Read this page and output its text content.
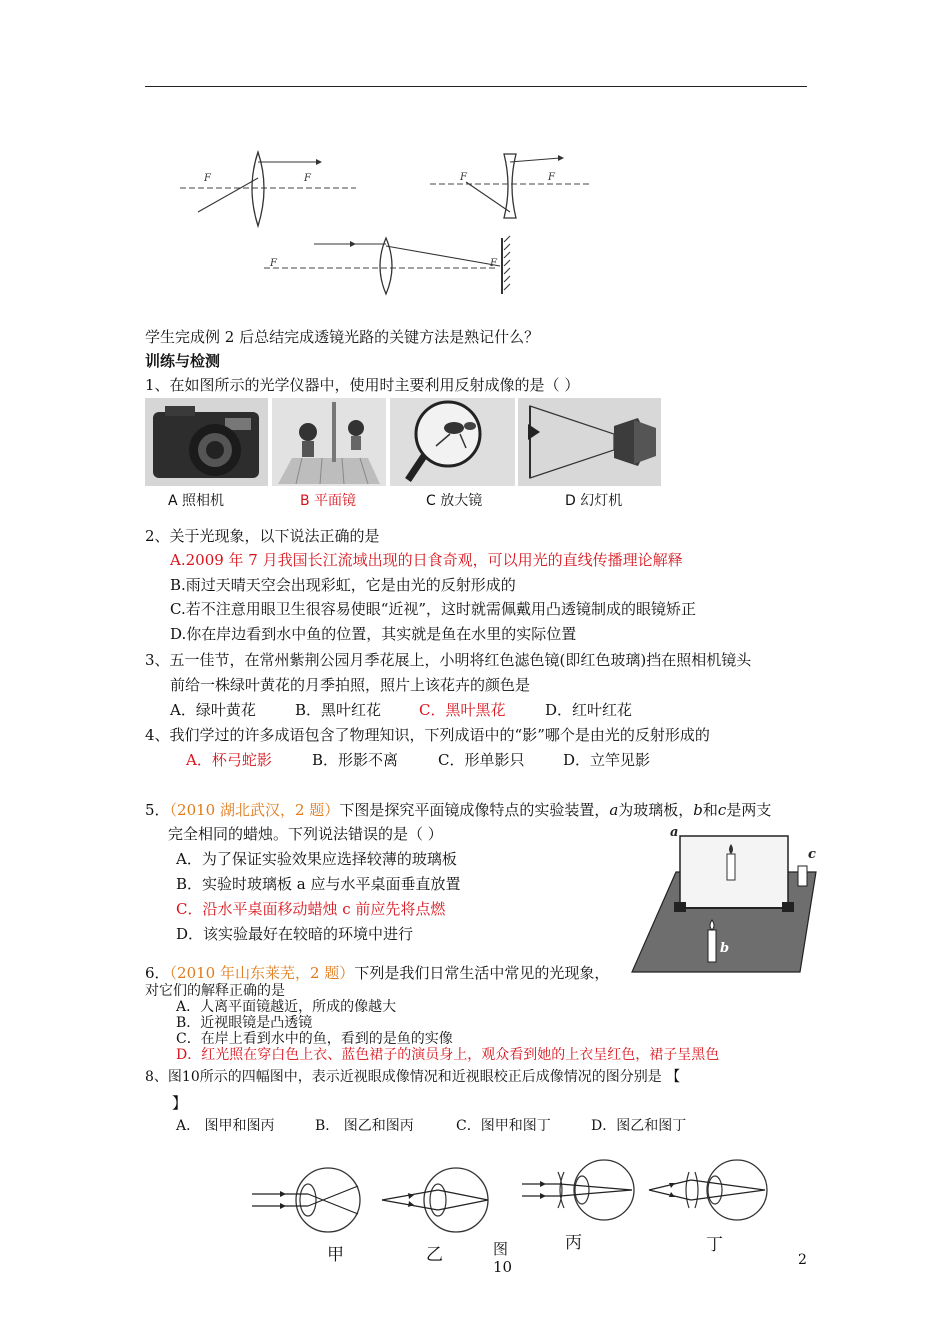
F	F	F	F
F	F
学生完成例 2 后总结完成透镜光路的关键方法是熟记什么？
训练与检测
1、在如图所示的光学仪器中，使用时主要利用反射成像的是（ ）
A 照相机	B 平面镜	C 放大镜	D 幻灯机
2、关于光现象，以下说法正确的是
A.2009 年 7 月我国长江流域出现的日食奇观，可以用光的直线传播理论解释
B.雨过天晴天空会出现彩虹，它是由光的反射形成的
C.若不注意用眼卫生很容易使眼“近视”，这时就需佩戴用凸透镜制成的眼镜矫正
D.你在岸边看到水中鱼的位置，其实就是鱼在水里的实际位置
3、五一佳节，在常州紫荆公园月季花展上，小明将红色滤色镜(即红色玻璃)挡在照相机镜头
前给一株绿叶黄花的月季拍照，照片上该花卉的颜色是
A．绿叶黄花	B．黑叶红花	C．黑叶黑花	D．红叶红花
4、我们学过的许多成语包含了物理知识，下列成语中的“影”哪个是由光的反射形成的
A．杯弓蛇影	B．形影不离	C．形单影只	D．立竿见影
5．（2010 湖北武汉，2 题）下图是探究平面镜成像特点的实验装置，a为玻璃板，b和c是两支
完全相同的蜡烛。下列说法错误的是（ ）
A．为了保证实验效果应选择较薄的玻璃板
B．实验时玻璃板 a 应与水平桌面垂直放置
C．沿水平桌面移动蜡烛 c 前应先将点燃
D．该实验最好在较暗的环境中进行
a
c
b
6．（2010 年山东莱芜，2 题）下列是我们日常生活中常见的光现象，
对它们的解释正确的是
A．人离平面镜越近，所成的像越大
B．近视眼镜是凸透镜
C．在岸上看到水中的鱼，看到的是鱼的实像
D．红光照在穿白色上衣、蓝色裙子的演员身上，观众看到她的上衣呈红色，裙子呈黑色
8、图10所示的四幅图中，表示近视眼成像情况和近视眼校正后成像情况的图分别是 【
】
A． 图甲和图丙	B． 图乙和图丙	C．图甲和图丁	D．图乙和图丁
甲	乙
丙	丁
图
10	2
